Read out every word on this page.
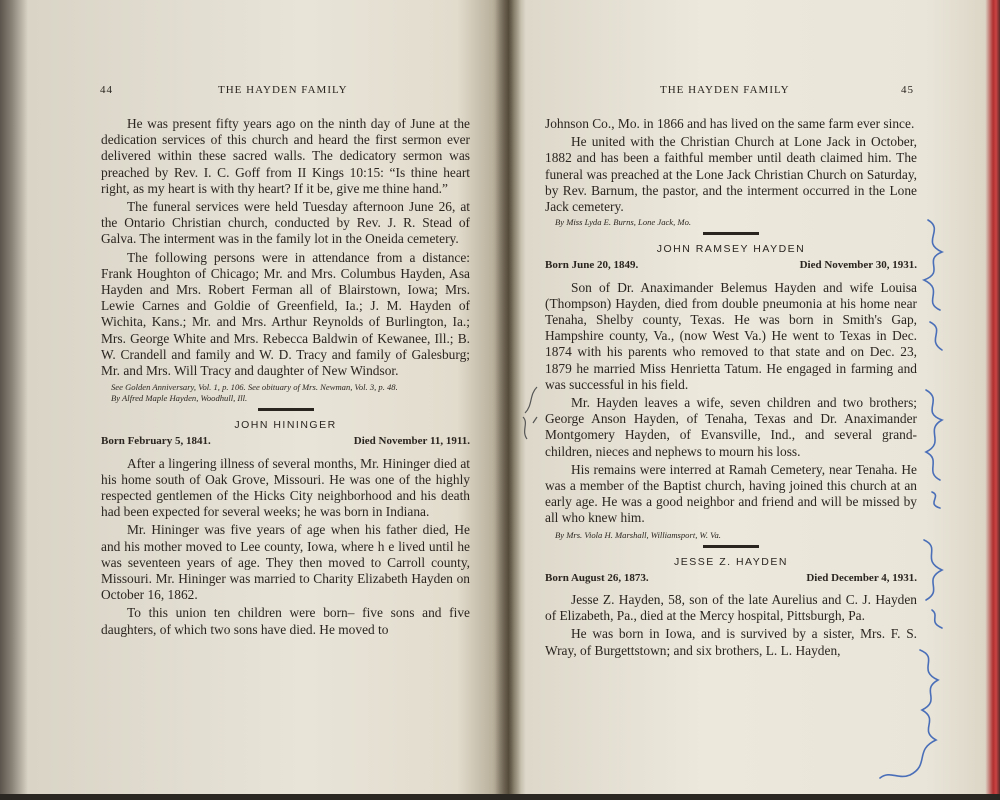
44	THE HAYDEN FAMILY	THE HAYDEN FAMILY	45

He was present fifty years ago on the ninth day of June at the dedication services of this church and heard the first sermon ever delivered within these sacred walls. The dedicatory sermon was preached by Rev. I. C. Goff from II Kings 10:15: “Is thine heart right, as my heart is with thy heart? If it be, give me thine hand.”

The funeral services were held Tuesday afternoon June 26, at the Ontario Christian church, conducted by Rev. J. R. Stead of Galva. The interment was in the family lot in the Oneida cemetery.

The following persons were in attendance from a distance: Frank Houghton of Chicago; Mr. and Mrs. Columbus Hayden, Asa Hayden and Mrs. Robert Ferman all of Blairstown, Iowa; Mrs. Lewie Carnes and Goldie of Greenfield, Ia.; J. M. Hayden of Wichita, Kans.; Mr. and Mrs. Arthur Reynolds of Burlington, Ia.; Mrs. George White and Mrs. Rebecca Baldwin of Kewanee, Ill.; B. W. Crandell and family and W. D. Tracy and family of Galesburg; Mr. and Mrs. Will Tracy and daughter of New Windsor.

See Golden Anniversary, Vol. 1, p. 106. See obituary of Mrs. Newman, Vol. 3, p. 48.

By Alfred Maple Hayden, Woodhull, Ill.

JOHN HININGER

Born February 5, 1841.	Died November 11, 1911.

After a lingering illness of several months, Mr. Hininger died at his home south of Oak Grove, Missouri. He was one of the highly respected gentlemen of the Hicks City neighborhood and his death had been expected for several weeks; he was born in Indiana.

Mr. Hininger was five years of age when his father died, He and his mother moved to Lee county, Iowa, where h e lived until he was seventeen years of age. They then moved to Carroll county, Missouri. Mr. Hininger was married to Charity Elizabeth Hayden on October 16, 1862.

To this union ten children were born– five sons and five daughters, of which two sons have died. He moved to

Johnson Co., Mo. in 1866 and has lived on the same farm ever since.

He united with the Christian Church at Lone Jack in October, 1882 and has been a faithful member until death claimed him. The funeral was preached at the Lone Jack Christian Church on Saturday, by Rev. Barnum, the pastor, and the interment occurred in the Lone Jack cemetery.

By Miss Lyda E. Burns, Lone Jack, Mo.

JOHN RAMSEY HAYDEN

Born June 20, 1849.	Died November 30, 1931.

Son of Dr. Anaximander Belemus Hayden and wife Louisa (Thompson) Hayden, died from double pneumonia at his home near Tenaha, Shelby county, Texas. He was born in Smith's Gap, Hampshire county, Va., (now West Va.) He went to Texas in Dec. 1874 with his parents who removed to that state and on Dec. 23, 1879 he married Miss Henrietta Tatum. He engaged in farming and was successful in his field.

Mr. Hayden leaves a wife, seven children and two brothers; George Anson Hayden, of Tenaha, Texas and Dr. Anaximander Montgomery Hayden, of Evansville, Ind., and several grand-children, nieces and nephews to mourn his loss.

His remains were interred at Ramah Cemetery, near Tenaha. He was a member of the Baptist church, having joined this church at an early age. He was a good neighbor and friend and will be missed by all who knew him.

By Mrs. Viola H. Marshall, Williamsport, W. Va.

JESSE Z. HAYDEN

Born August 26, 1873.	Died December 4, 1931.

Jesse Z. Hayden, 58, son of the late Aurelius and C. J. Hayden of Elizabeth, Pa., died at the Mercy hospital, Pittsburgh, Pa.

He was born in Iowa, and is survived by a sister, Mrs. F. S. Wray, of Burgettstown; and six brothers, L. L. Hayden,
